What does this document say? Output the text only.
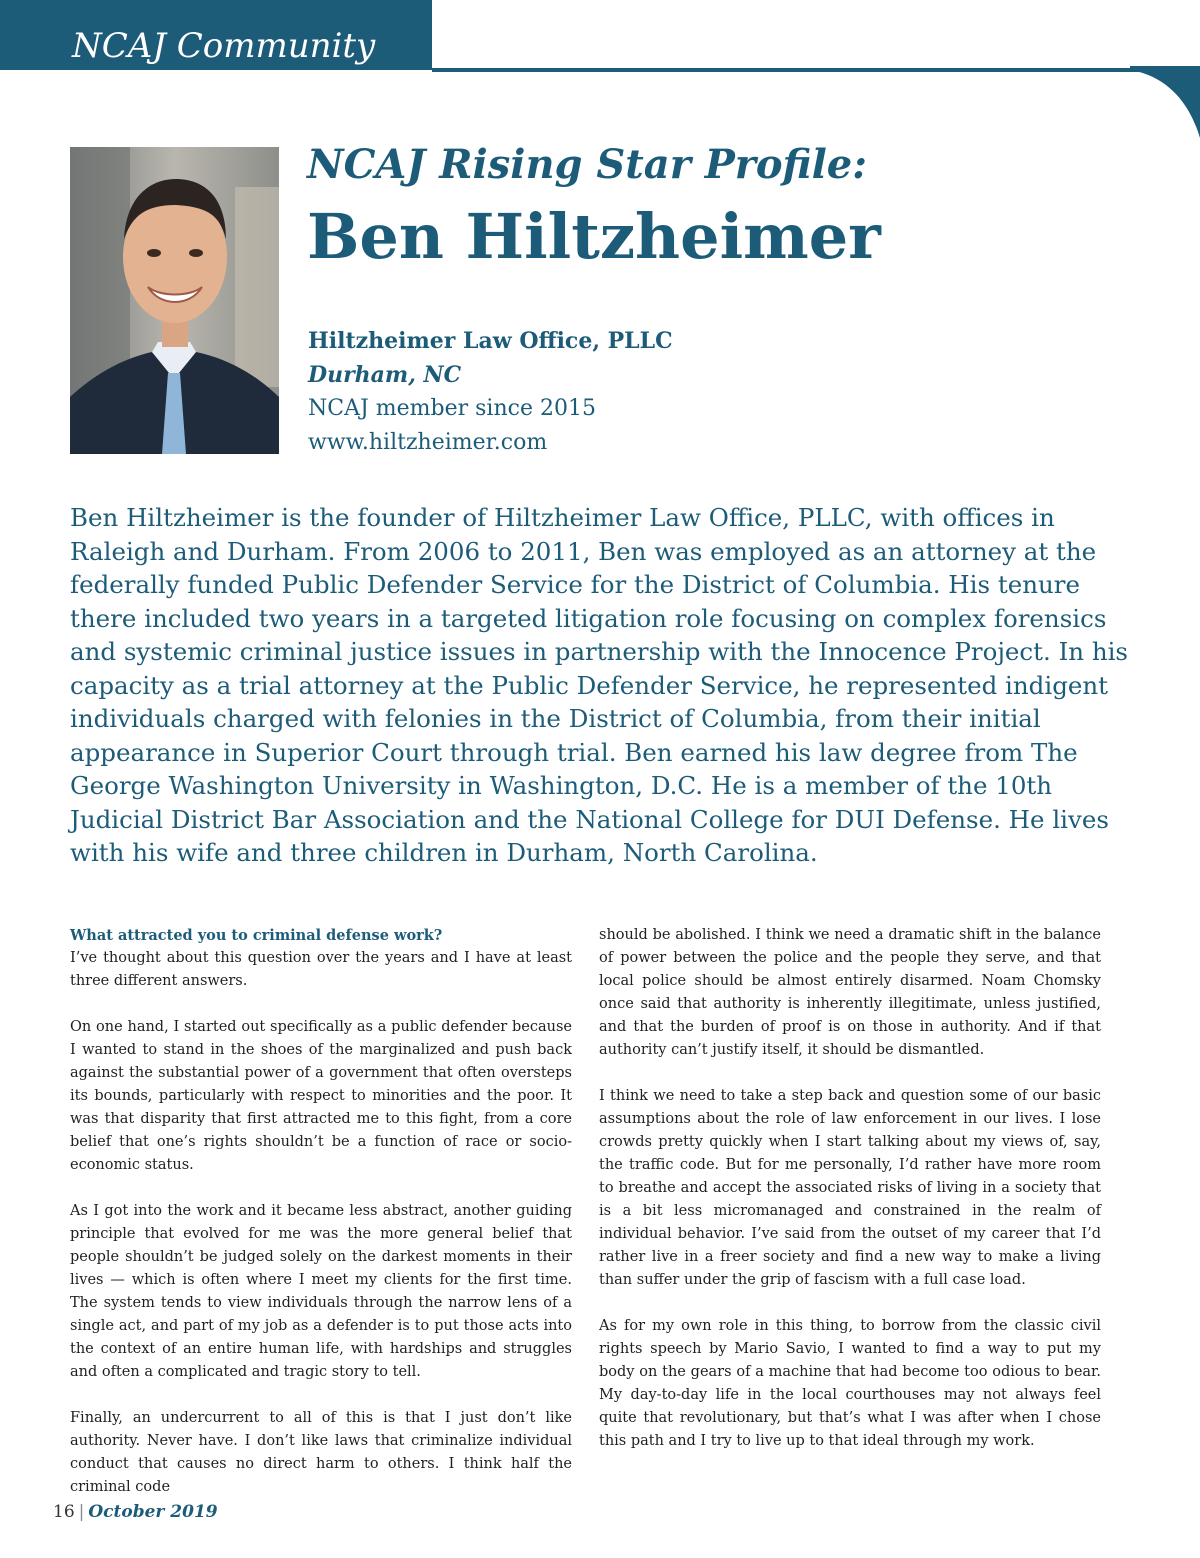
NCAJ Community
NCAJ Rising Star Profile:
Ben Hiltzheimer
Hiltzheimer Law Office, PLLC
Durham, NC
NCAJ member since 2015
www.hiltzheimer.com

Ben Hiltzheimer is the founder of Hiltzheimer Law Office, PLLC, with offices in Raleigh and Durham. From 2006 to 2011, Ben was employed as an attorney at the federally funded Public Defender Service for the District of Columbia. His tenure there included two years in a targeted litigation role focusing on complex forensics and systemic criminal justice issues in partnership with the Innocence Project. In his capacity as a trial attorney at the Public Defender Service, he represented indigent individuals charged with felonies in the District of Columbia, from their initial appearance in Superior Court through trial. Ben earned his law degree from The George Washington University in Washington, D.C. He is a member of the 10th Judicial District Bar Association and the National College for DUI Defense. He lives with his wife and three children in Durham, North Carolina.

What attracted you to criminal defense work?

I’ve thought about this question over the years and I have at least three different answers.

On one hand, I started out specifically as a public defender because I wanted to stand in the shoes of the marginalized and push back against the substantial power of a government that often oversteps its bounds, particularly with respect to minorities and the poor. It was that disparity that first attracted me to this fight, from a core belief that one’s rights shouldn’t be a function of race or socio-economic status.

As I got into the work and it became less abstract, another guiding principle that evolved for me was the more general belief that people shouldn’t be judged solely on the darkest moments in their lives — which is often where I meet my clients for the first time. The system tends to view individuals through the narrow lens of a single act, and part of my job as a defender is to put those acts into the context of an entire human life, with hardships and struggles and often a complicated and tragic story to tell.

Finally, an undercurrent to all of this is that I just don’t like authority. Never have. I don’t like laws that criminalize individual conduct that causes no direct harm to others. I think half the criminal code

should be abolished. I think we need a dramatic shift in the balance of power between the police and the people they serve, and that local police should be almost entirely disarmed. Noam Chomsky once said that authority is inherently illegitimate, unless justified, and that the burden of proof is on those in authority. And if that authority can’t justify itself, it should be dismantled.

I think we need to take a step back and question some of our basic assumptions about the role of law enforcement in our lives. I lose crowds pretty quickly when I start talking about my views of, say, the traffic code. But for me personally, I’d rather have more room to breathe and accept the associated risks of living in a society that is a bit less micromanaged and constrained in the realm of individual behavior. I’ve said from the outset of my career that I’d rather live in a freer society and find a new way to make a living than suffer under the grip of fascism with a full case load.

As for my own role in this thing, to borrow from the classic civil rights speech by Mario Savio, I wanted to find a way to put my body on the gears of a machine that had become too odious to bear. My day-to-day life in the local courthouses may not always feel quite that revolutionary, but that’s what I was after when I chose this path and I try to live up to that ideal through my work.

16 | October 2019
